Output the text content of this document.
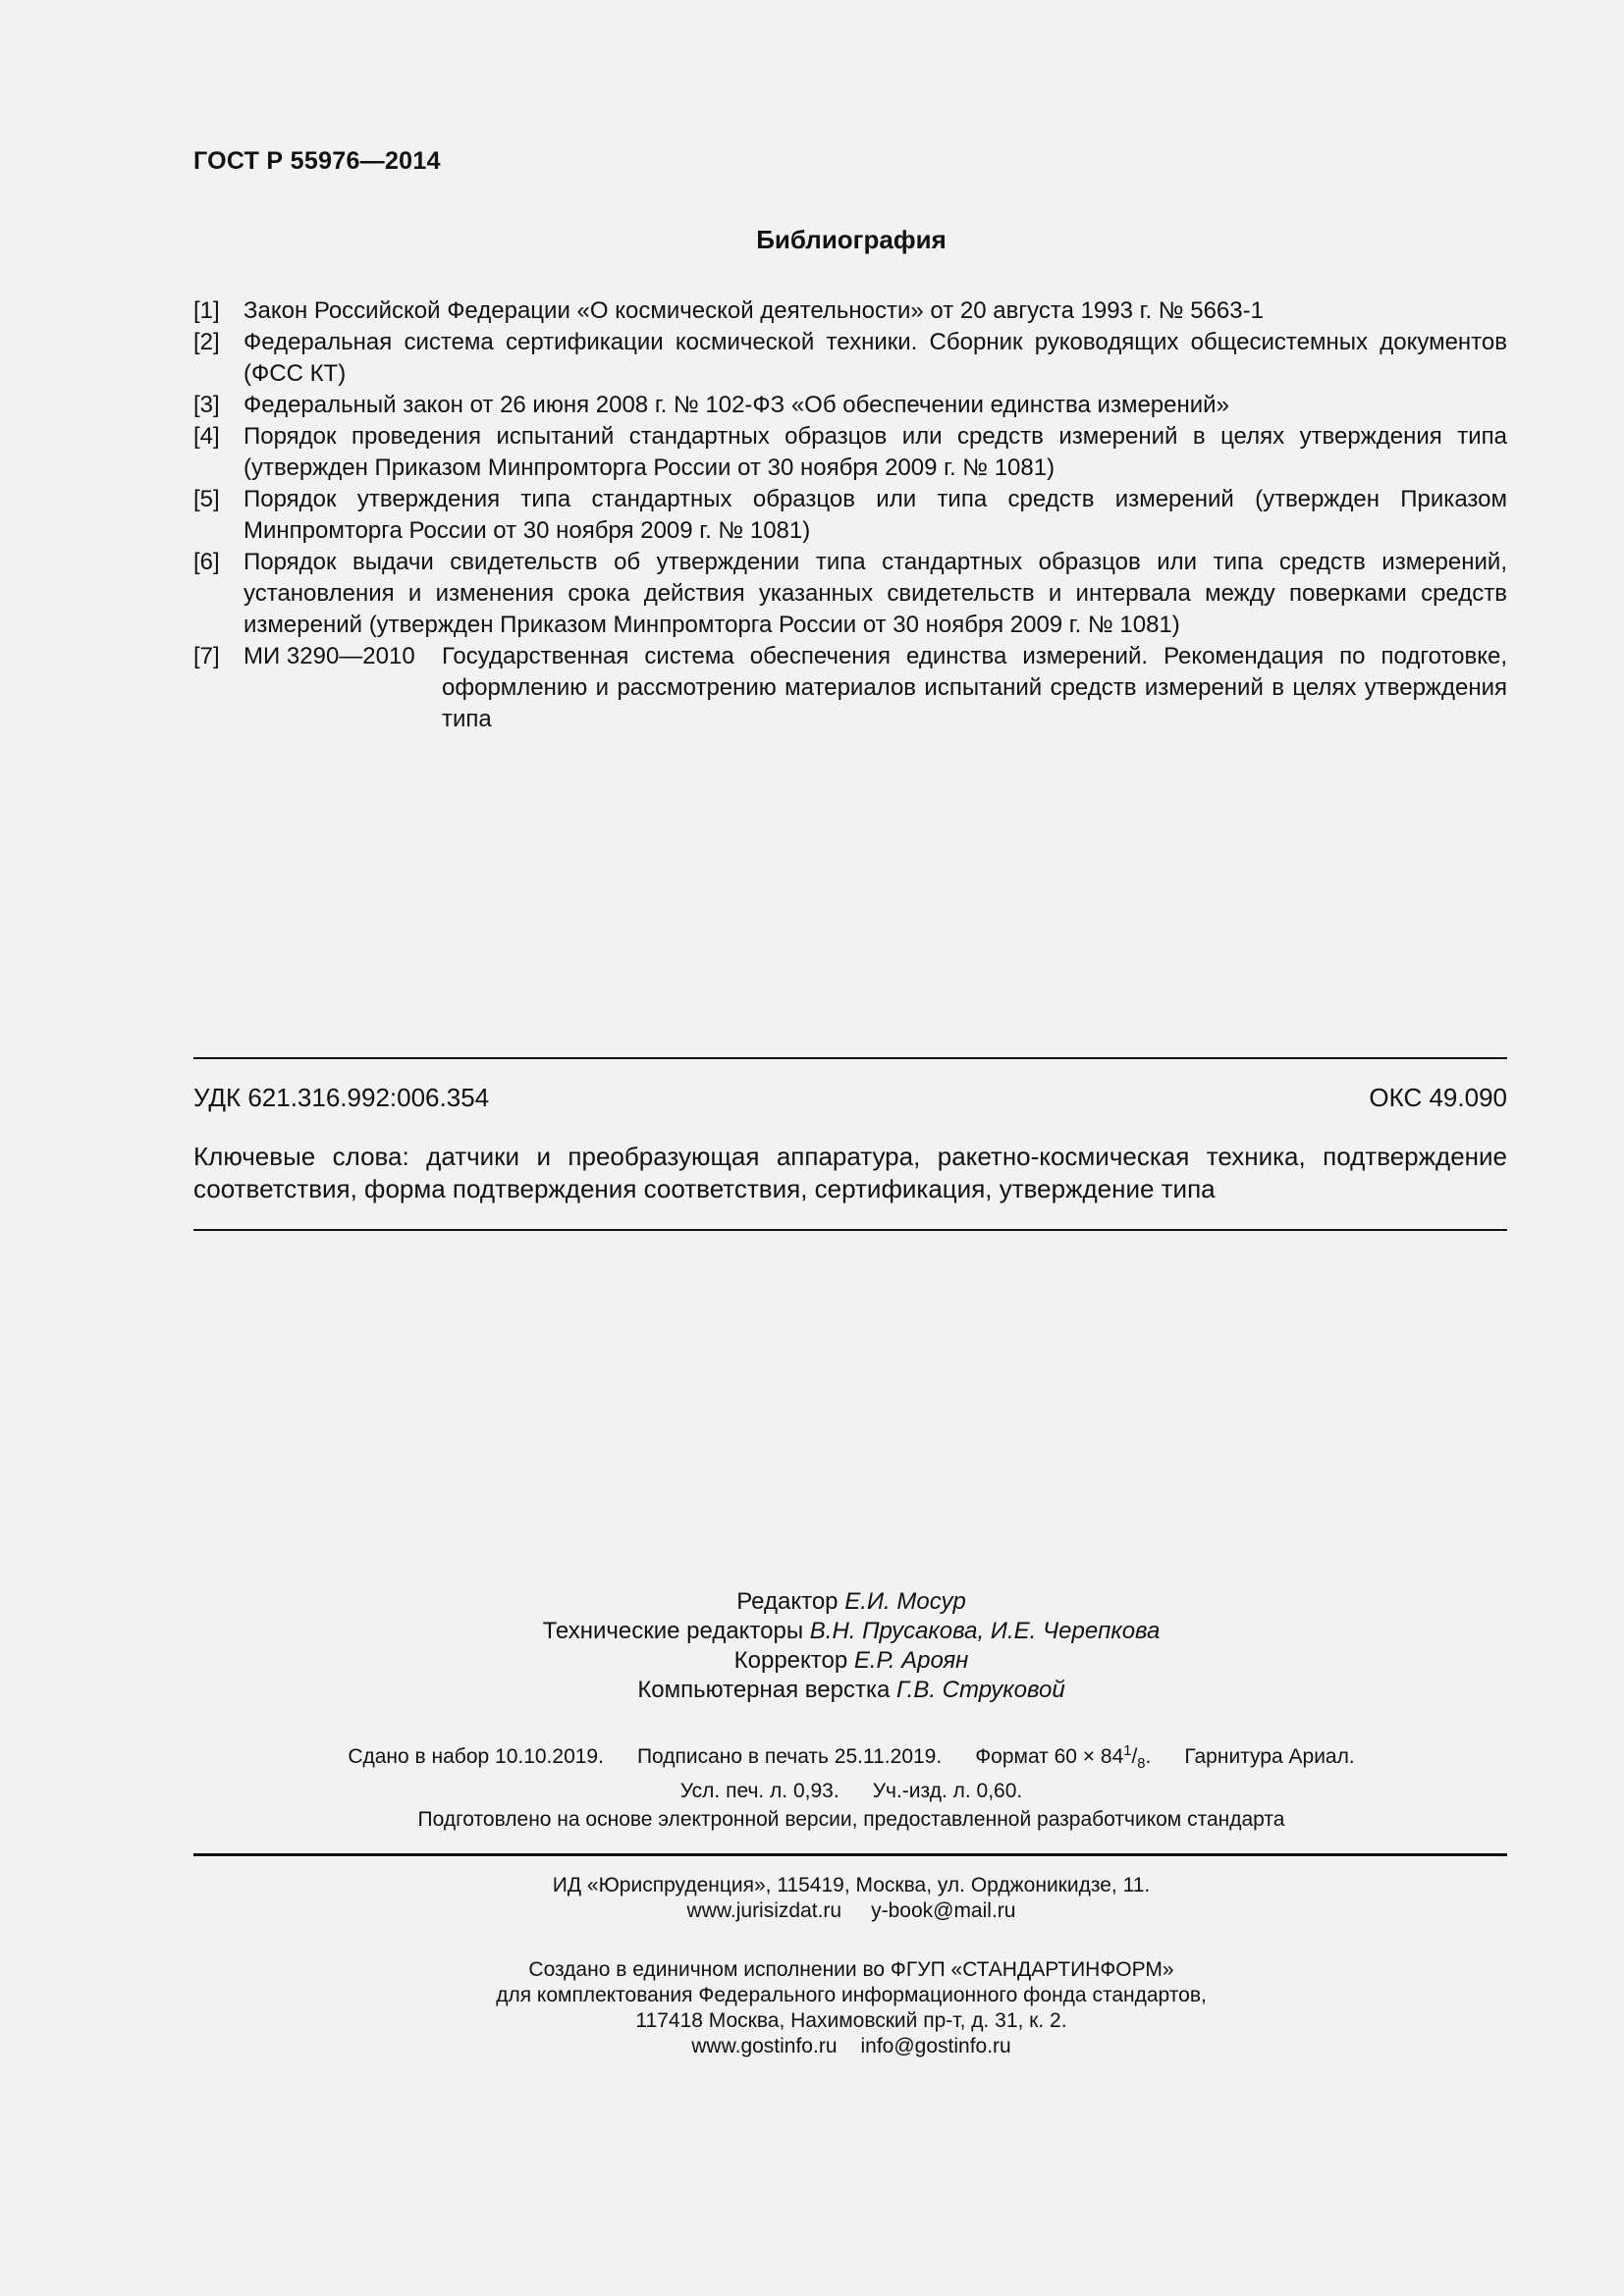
ГОСТ Р 55976—2014
Библиография
[1]	Закон Российской Федерации «О космической деятельности» от 20 августа 1993 г. № 5663-1
[2]	Федеральная система сертификации космической техники. Сборник руководящих общесистемных документов (ФСС КТ)
[3]	Федеральный закон от 26 июня 2008 г. № 102-ФЗ «Об обеспечении единства измерений»
[4]	Порядок проведения испытаний стандартных образцов или средств измерений в целях утверждения типа (утвержден Приказом Минпромторга России от 30 ноября 2009 г. № 1081)
[5]	Порядок утверждения типа стандартных образцов или типа средств измерений (утвержден Приказом Минпромторга России от 30 ноября 2009 г. № 1081)
[6]	Порядок выдачи свидетельств об утверждении типа стандартных образцов или типа средств измерений, установления и изменения срока действия указанных свидетельств и интервала между поверками средств измерений (утвержден Приказом Минпромторга России от 30 ноября 2009 г. № 1081)
[7]	МИ 3290—2010	Государственная система обеспечения единства измерений. Рекомендация по подготовке, оформлению и рассмотрению материалов испытаний средств измерений в целях утверждения типа
УДК 621.316.992:006.354	ОКС 49.090
Ключевые слова: датчики и преобразующая аппаратура, ракетно-космическая техника, подтверждение соответствия, форма подтверждения соответствия, сертификация, утверждение типа
Редактор Е.И. Мосур
Технические редакторы В.Н. Прусакова, И.Е. Черепкова
Корректор Е.Р. Ароян
Компьютерная верстка Г.В. Струковой
Сдано в набор 10.10.2019. Подписано в печать 25.11.2019. Формат $60 \times 84^1/_8$. Гарнитура Ариал.
Усл. печ. л. 0,93. Уч.-изд. л. 0,60.
Подготовлено на основе электронной версии, предоставленной разработчиком стандарта
ИД «Юриспруденция», 115419, Москва, ул. Орджоникидзе, 11.
www.jurisizdat.ru y-book@mail.ru
Создано в единичном исполнении во ФГУП «СТАНДАРТИНФОРМ»
для комплектования Федерального информационного фонда стандартов,
117418 Москва, Нахимовский пр-т, д. 31, к. 2.
www.gostinfo.ru info@gostinfo.ru
